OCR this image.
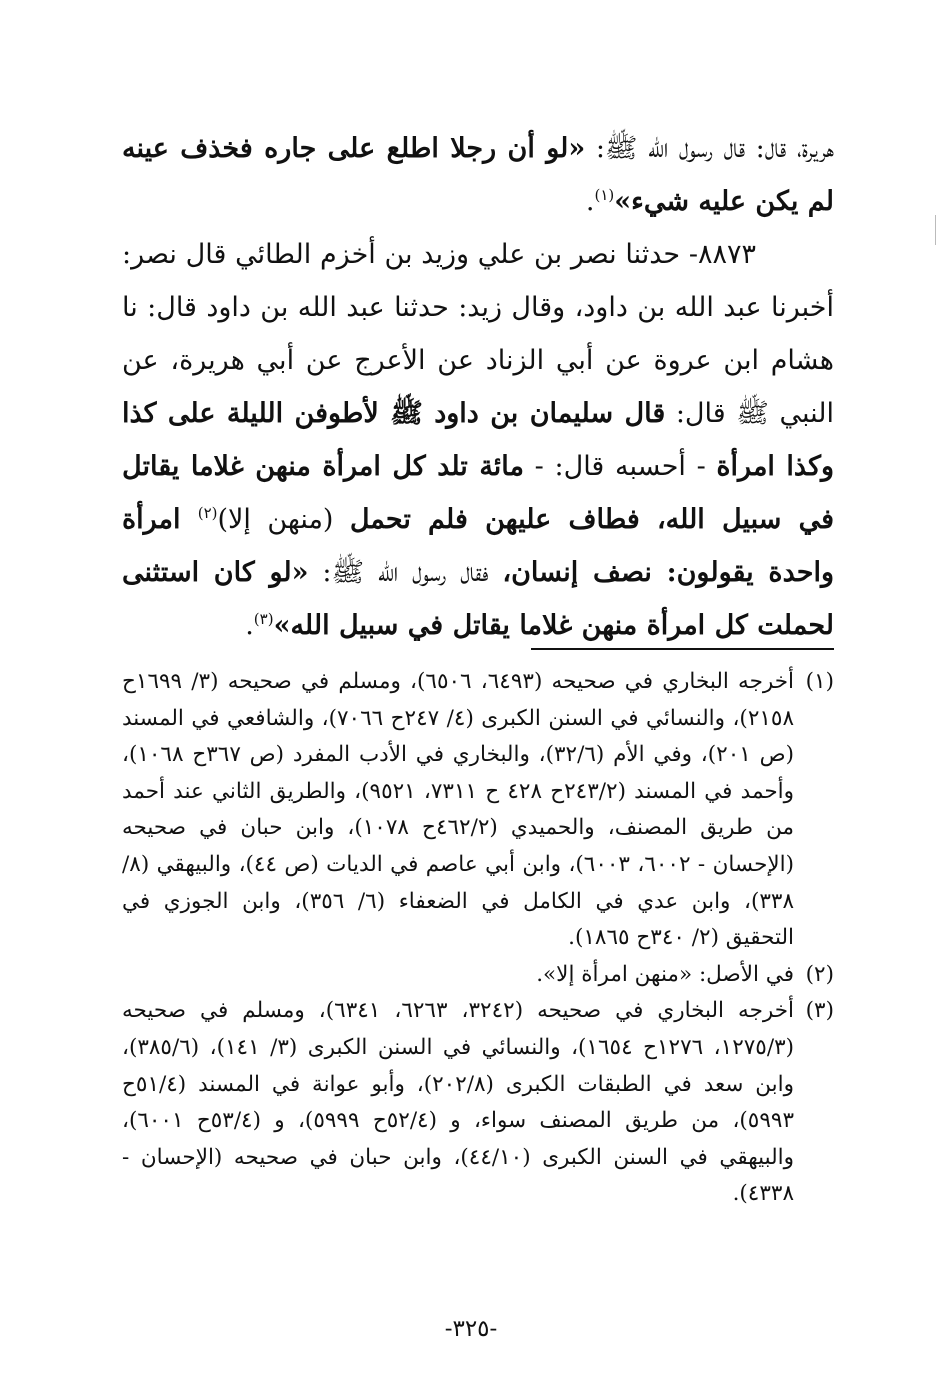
هريرة، قال: قال رسول الله ﷺ: «لو أن رجلا اطلع على جاره فخذف عينه لم يكن عليه شيء»$^{(١)}$.

٨٨٧٣- حدثنا نصر بن علي وزيد بن أخزم الطائي قال نصر: أخبرنا عبد الله بن داود، وقال زيد: حدثنا عبد الله بن داود قال: نا هشام ابن عروة عن أبي الزناد عن الأعرج عن أبي هريرة، عن النبي ﷺ قال: قال سليمان بن داود ﷺ لأطوفن الليلة على كذا وكذا امرأة - أحسبه قال: - مائة تلد كل امرأة منهن غلاما يقاتل في سبيل الله، فطاف عليهن فلم تحمل (منهن إلا)$^{(٢)}$ امرأة واحدة يقولون: نصف إنسان، فقال رسول الله ﷺ: «لو كان استثنى لحملت كل امرأة منهن غلاما يقاتل في سبيل الله»$^{(٣)}$.

(١)
أخرجه البخاري في صحيحه (٦٤٩٣، ٦٥٠٦)، ومسلم في صحيحه (٣/ ١٦٩٩ح ٢١٥٨)، والنسائي في السنن الكبرى (٤/ ٢٤٧ح ٧٠٦٦)، والشافعي في المسند (ص ٢٠١)، وفي الأم (٣٢/٦)، والبخاري في الأدب المفرد (ص ٣٦٧ح ١٠٦٨)، وأحمد في المسند (٢٤٣/٢ح ٤٢٨ ح ٧٣١١، ٩٥٢١)، والطريق الثاني عند أحمد من طريق المصنف، والحميدي (٤٦٢/٢ح ١٠٧٨)، وابن حبان في صحيحه (الإحسان - ٦٠٠٢، ٦٠٠٣)، وابن أبي عاصم في الديات (ص ٤٤)، والبيهقي (٨/ ٣٣٨)، وابن عدي في الكامل في الضعفاء (٦/ ٣٥٦)، وابن الجوزي في التحقيق (٢/ ٣٤٠ح ١٨٦٥).
(٢)
في الأصل: «منهن امرأة إلا».
(٣)
أخرجه البخاري في صحيحه (٣٢٤٢، ٦٢٦٣، ٦٣٤١)، ومسلم في صحيحه (١٢٧٥/٣، ١٢٧٦ح ١٦٥٤)، والنسائي في السنن الكبرى (٣/ ١٤١)، (٣٨٥/٦)، وابن سعد في الطبقات الكبرى (٢٠٢/٨)، وأبو عوانة في المسند (٥١/٤ح ٥٩٩٣)، من طريق المصنف سواء، و (٥٢/٤ح ٥٩٩٩)، و (٥٣/٤ح ٦٠٠١)، والبيهقي في السنن الكبرى (٤٤/١٠)، وابن حبان في صحيحه (الإحسان - ٤٣٣٨).
-٣٢٥-
